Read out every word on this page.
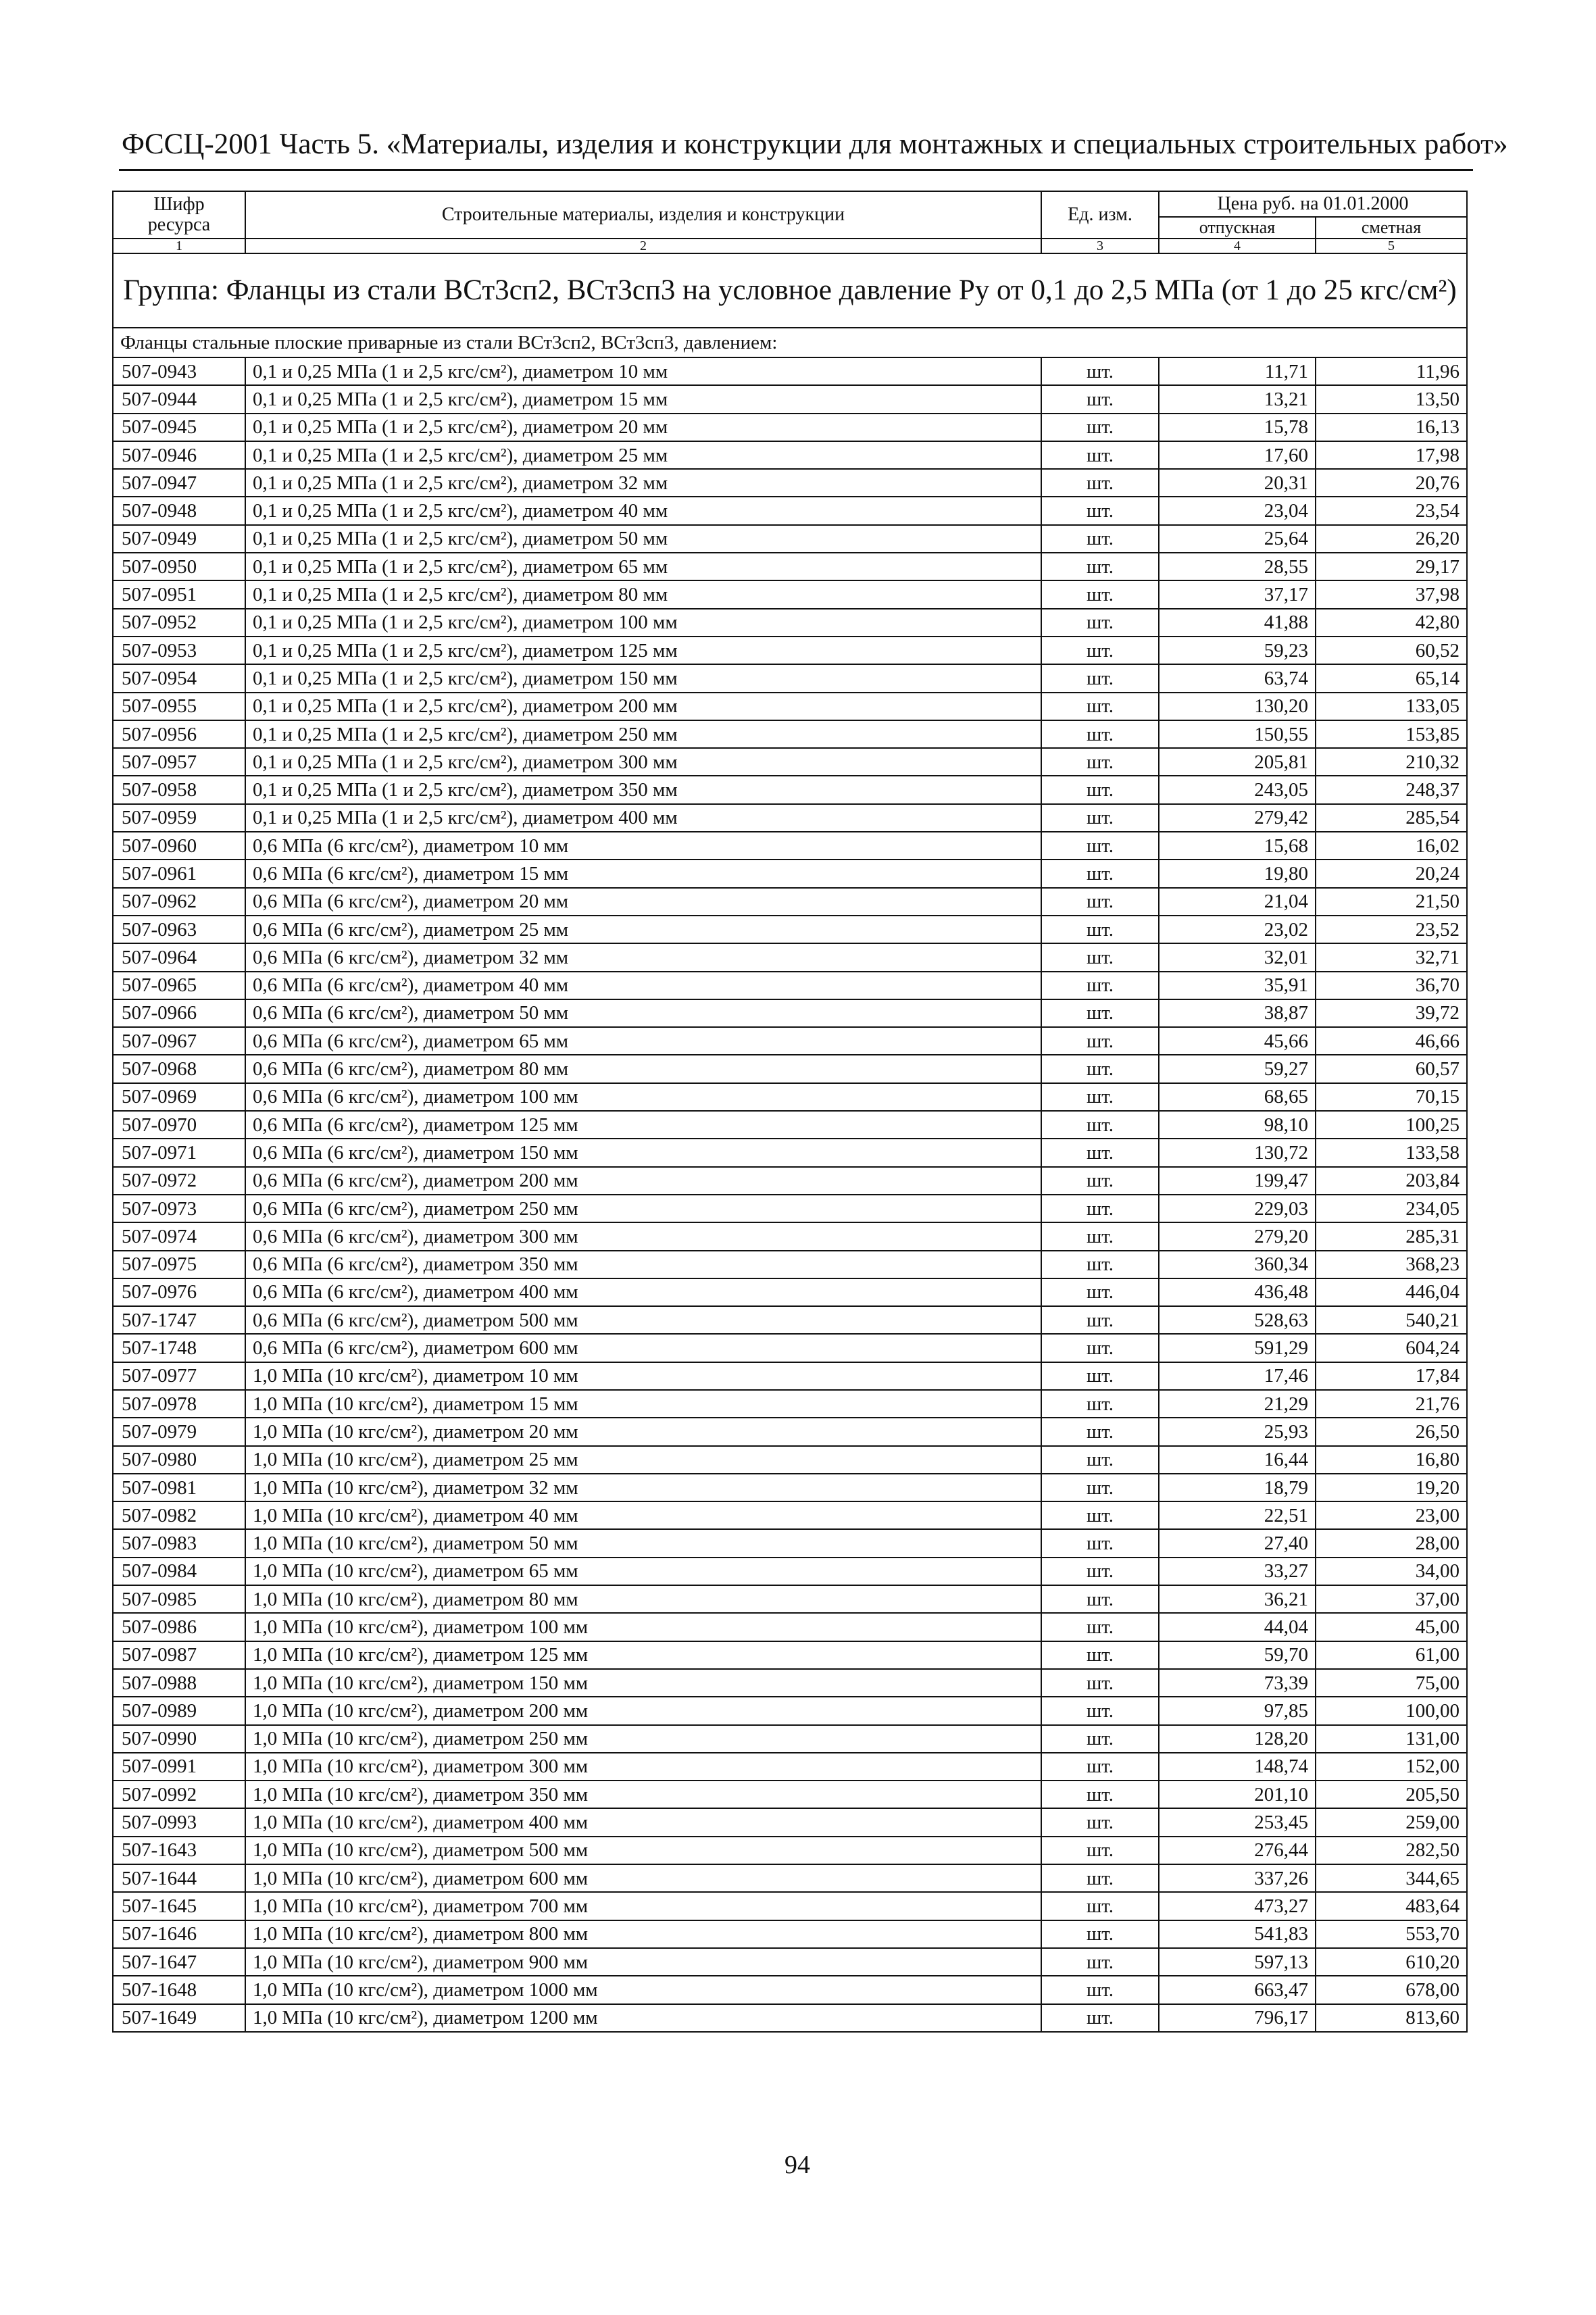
ФССЦ-2001 Часть 5. «Материалы, изделия и конструкции для монтажных и специальных строительных работ»
Шифр ресурса	Строительные материалы, изделия и конструкции	Ед. изм.	Цена руб. на 01.01.2000	
			отпускная	сметная
1	2	3	4	5
Группа: Фланцы из стали ВСт3сп2, ВСт3сп3 на условное давление Ру от 0,1 до 2,5 МПа (от 1 до 25 кгс/см²)				
Фланцы стальные плоские приварные из стали ВСт3сп2, ВСт3сп3, давлением:				
507-0943	0,1 и 0,25 МПа (1 и 2,5 кгс/см²), диаметром 10 мм	шт.	11,71	11,96
507-0944	0,1 и 0,25 МПа (1 и 2,5 кгс/см²), диаметром 15 мм	шт.	13,21	13,50
507-0945	0,1 и 0,25 МПа (1 и 2,5 кгс/см²), диаметром 20 мм	шт.	15,78	16,13
507-0946	0,1 и 0,25 МПа (1 и 2,5 кгс/см²), диаметром 25 мм	шт.	17,60	17,98
507-0947	0,1 и 0,25 МПа (1 и 2,5 кгс/см²), диаметром 32 мм	шт.	20,31	20,76
507-0948	0,1 и 0,25 МПа (1 и 2,5 кгс/см²), диаметром 40 мм	шт.	23,04	23,54
507-0949	0,1 и 0,25 МПа (1 и 2,5 кгс/см²), диаметром 50 мм	шт.	25,64	26,20
507-0950	0,1 и 0,25 МПа (1 и 2,5 кгс/см²), диаметром 65 мм	шт.	28,55	29,17
507-0951	0,1 и 0,25 МПа (1 и 2,5 кгс/см²), диаметром 80 мм	шт.	37,17	37,98
507-0952	0,1 и 0,25 МПа (1 и 2,5 кгс/см²), диаметром 100 мм	шт.	41,88	42,80
507-0953	0,1 и 0,25 МПа (1 и 2,5 кгс/см²), диаметром 125 мм	шт.	59,23	60,52
507-0954	0,1 и 0,25 МПа (1 и 2,5 кгс/см²), диаметром 150 мм	шт.	63,74	65,14
507-0955	0,1 и 0,25 МПа (1 и 2,5 кгс/см²), диаметром 200 мм	шт.	130,20	133,05
507-0956	0,1 и 0,25 МПа (1 и 2,5 кгс/см²), диаметром 250 мм	шт.	150,55	153,85
507-0957	0,1 и 0,25 МПа (1 и 2,5 кгс/см²), диаметром 300 мм	шт.	205,81	210,32
507-0958	0,1 и 0,25 МПа (1 и 2,5 кгс/см²), диаметром 350 мм	шт.	243,05	248,37
507-0959	0,1 и 0,25 МПа (1 и 2,5 кгс/см²), диаметром 400 мм	шт.	279,42	285,54
507-0960	0,6 МПа (6 кгс/см²), диаметром 10 мм	шт.	15,68	16,02
507-0961	0,6 МПа (6 кгс/см²), диаметром 15 мм	шт.	19,80	20,24
507-0962	0,6 МПа (6 кгс/см²), диаметром 20 мм	шт.	21,04	21,50
507-0963	0,6 МПа (6 кгс/см²), диаметром 25 мм	шт.	23,02	23,52
507-0964	0,6 МПа (6 кгс/см²), диаметром 32 мм	шт.	32,01	32,71
507-0965	0,6 МПа (6 кгс/см²), диаметром 40 мм	шт.	35,91	36,70
507-0966	0,6 МПа (6 кгс/см²), диаметром 50 мм	шт.	38,87	39,72
507-0967	0,6 МПа (6 кгс/см²), диаметром 65 мм	шт.	45,66	46,66
507-0968	0,6 МПа (6 кгс/см²), диаметром 80 мм	шт.	59,27	60,57
507-0969	0,6 МПа (6 кгс/см²), диаметром 100 мм	шт.	68,65	70,15
507-0970	0,6 МПа (6 кгс/см²), диаметром 125 мм	шт.	98,10	100,25
507-0971	0,6 МПа (6 кгс/см²), диаметром 150 мм	шт.	130,72	133,58
507-0972	0,6 МПа (6 кгс/см²), диаметром 200 мм	шт.	199,47	203,84
507-0973	0,6 МПа (6 кгс/см²), диаметром 250 мм	шт.	229,03	234,05
507-0974	0,6 МПа (6 кгс/см²), диаметром 300 мм	шт.	279,20	285,31
507-0975	0,6 МПа (6 кгс/см²), диаметром 350 мм	шт.	360,34	368,23
507-0976	0,6 МПа (6 кгс/см²), диаметром 400 мм	шт.	436,48	446,04
507-1747	0,6 МПа (6 кгс/см²), диаметром 500 мм	шт.	528,63	540,21
507-1748	0,6 МПа (6 кгс/см²), диаметром 600 мм	шт.	591,29	604,24
507-0977	1,0 МПа (10 кгс/см²), диаметром 10 мм	шт.	17,46	17,84
507-0978	1,0 МПа (10 кгс/см²), диаметром 15 мм	шт.	21,29	21,76
507-0979	1,0 МПа (10 кгс/см²), диаметром 20 мм	шт.	25,93	26,50
507-0980	1,0 МПа (10 кгс/см²), диаметром 25 мм	шт.	16,44	16,80
507-0981	1,0 МПа (10 кгс/см²), диаметром 32 мм	шт.	18,79	19,20
507-0982	1,0 МПа (10 кгс/см²), диаметром 40 мм	шт.	22,51	23,00
507-0983	1,0 МПа (10 кгс/см²), диаметром 50 мм	шт.	27,40	28,00
507-0984	1,0 МПа (10 кгс/см²), диаметром 65 мм	шт.	33,27	34,00
507-0985	1,0 МПа (10 кгс/см²), диаметром 80 мм	шт.	36,21	37,00
507-0986	1,0 МПа (10 кгс/см²), диаметром 100 мм	шт.	44,04	45,00
507-0987	1,0 МПа (10 кгс/см²), диаметром 125 мм	шт.	59,70	61,00
507-0988	1,0 МПа (10 кгс/см²), диаметром 150 мм	шт.	73,39	75,00
507-0989	1,0 МПа (10 кгс/см²), диаметром 200 мм	шт.	97,85	100,00
507-0990	1,0 МПа (10 кгс/см²), диаметром 250 мм	шт.	128,20	131,00
507-0991	1,0 МПа (10 кгс/см²), диаметром 300 мм	шт.	148,74	152,00
507-0992	1,0 МПа (10 кгс/см²), диаметром 350 мм	шт.	201,10	205,50
507-0993	1,0 МПа (10 кгс/см²), диаметром 400 мм	шт.	253,45	259,00
507-1643	1,0 МПа (10 кгс/см²), диаметром 500 мм	шт.	276,44	282,50
507-1644	1,0 МПа (10 кгс/см²), диаметром 600 мм	шт.	337,26	344,65
507-1645	1,0 МПа (10 кгс/см²), диаметром 700 мм	шт.	473,27	483,64
507-1646	1,0 МПа (10 кгс/см²), диаметром 800 мм	шт.	541,83	553,70
507-1647	1,0 МПа (10 кгс/см²), диаметром 900 мм	шт.	597,13	610,20
507-1648	1,0 МПа (10 кгс/см²), диаметром 1000 мм	шт.	663,47	678,00
507-1649	1,0 МПа (10 кгс/см²), диаметром 1200 мм	шт.	796,17	813,60
94
